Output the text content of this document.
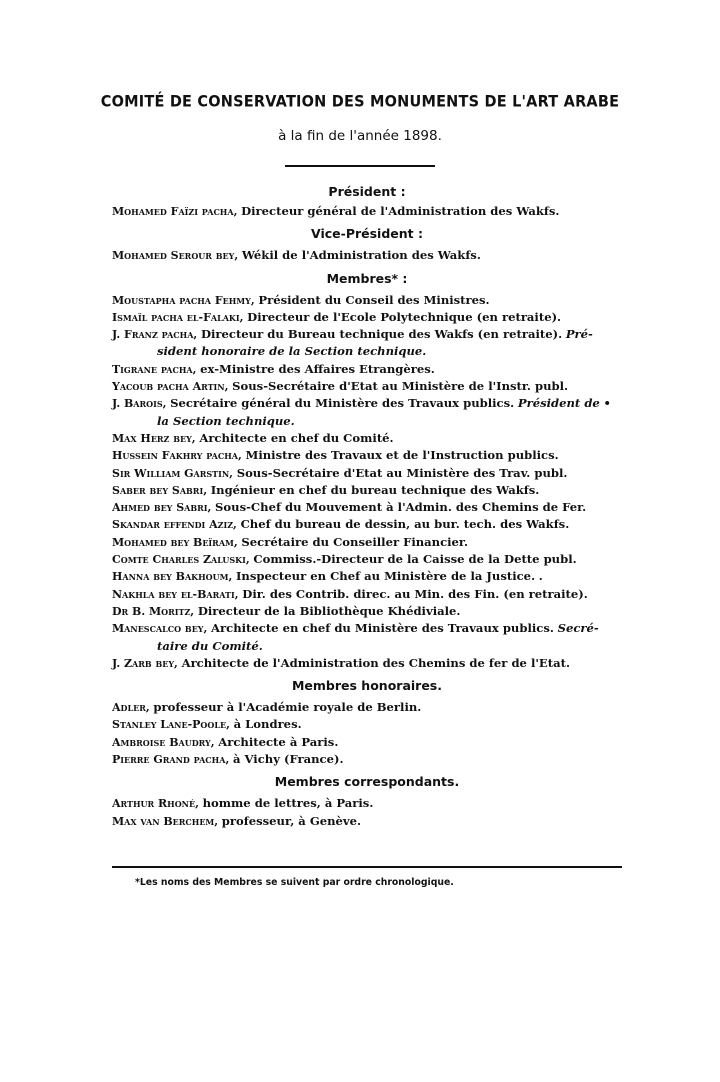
COMITÉ DE CONSERVATION DES MONUMENTS DE L'ART ARABE
à la fin de l'année 1898.
Président :
Mohamed Faïzi pacha, Directeur général de l'Administration des Wakfs.
Vice-Président :
Mohamed Serour bey, Wékil de l'Administration des Wakfs.
Membres* :
Moustapha pacha Fehmy, Président du Conseil des Ministres.
Ismaïl pacha el-Falaki, Directeur de l'Ecole Polytechnique (en retraite).
J. Franz pacha, Directeur du Bureau technique des Wakfs (en retraite). Pré-
sident honoraire de la Section technique.
Tigrane pacha, ex-Ministre des Affaires Etrangères.
Yacoub pacha Artin, Sous-Secrétaire d'Etat au Ministère de l'Instr. publ.
J. Barois, Secrétaire général du Ministère des Travaux publics. Président de •
la Section technique.
Max Herz bey, Architecte en chef du Comité.
Hussein Fakhry pacha, Ministre des Travaux et de l'Instruction publics.
Sir William Garstin, Sous-Secrétaire d'Etat au Ministère des Trav. publ.
Saber bey Sabri, Ingénieur en chef du bureau technique des Wakfs.
Ahmed bey Sabri, Sous-Chef du Mouvement à l'Admin. des Chemins de Fer.
Skandar effendi Aziz, Chef du bureau de dessin, au bur. tech. des Wakfs.
Mohamed bey Beïram, Secrétaire du Conseiller Financier.
Comte Charles Zaluski, Commiss.-Directeur de la Caisse de la Dette publ.
Hanna bey Bakhoum, Inspecteur en Chef au Ministère de la Justice. .
Nakhla bey el-Barati, Dir. des Contrib. direc. au Min. des Fin. (en retraite).
Dr B. Moritz, Directeur de la Bibliothèque Khédiviale.
Manescalco bey, Architecte en chef du Ministère des Travaux publics. Secré-
taire du Comité.
J. Zarb bey, Architecte de l'Administration des Chemins de fer de l'Etat.
Membres honoraires.
Adler, professeur à l'Académie royale de Berlin.
Stanley Lane-Poole, à Londres.
Ambroise Baudry, Architecte à Paris.
Pierre Grand pacha, à Vichy (France).
Membres correspondants.
Arthur Rhoné, homme de lettres, à Paris.
Max van Berchem, professeur, à Genève.
*Les noms des Membres se suivent par ordre chronologique.
